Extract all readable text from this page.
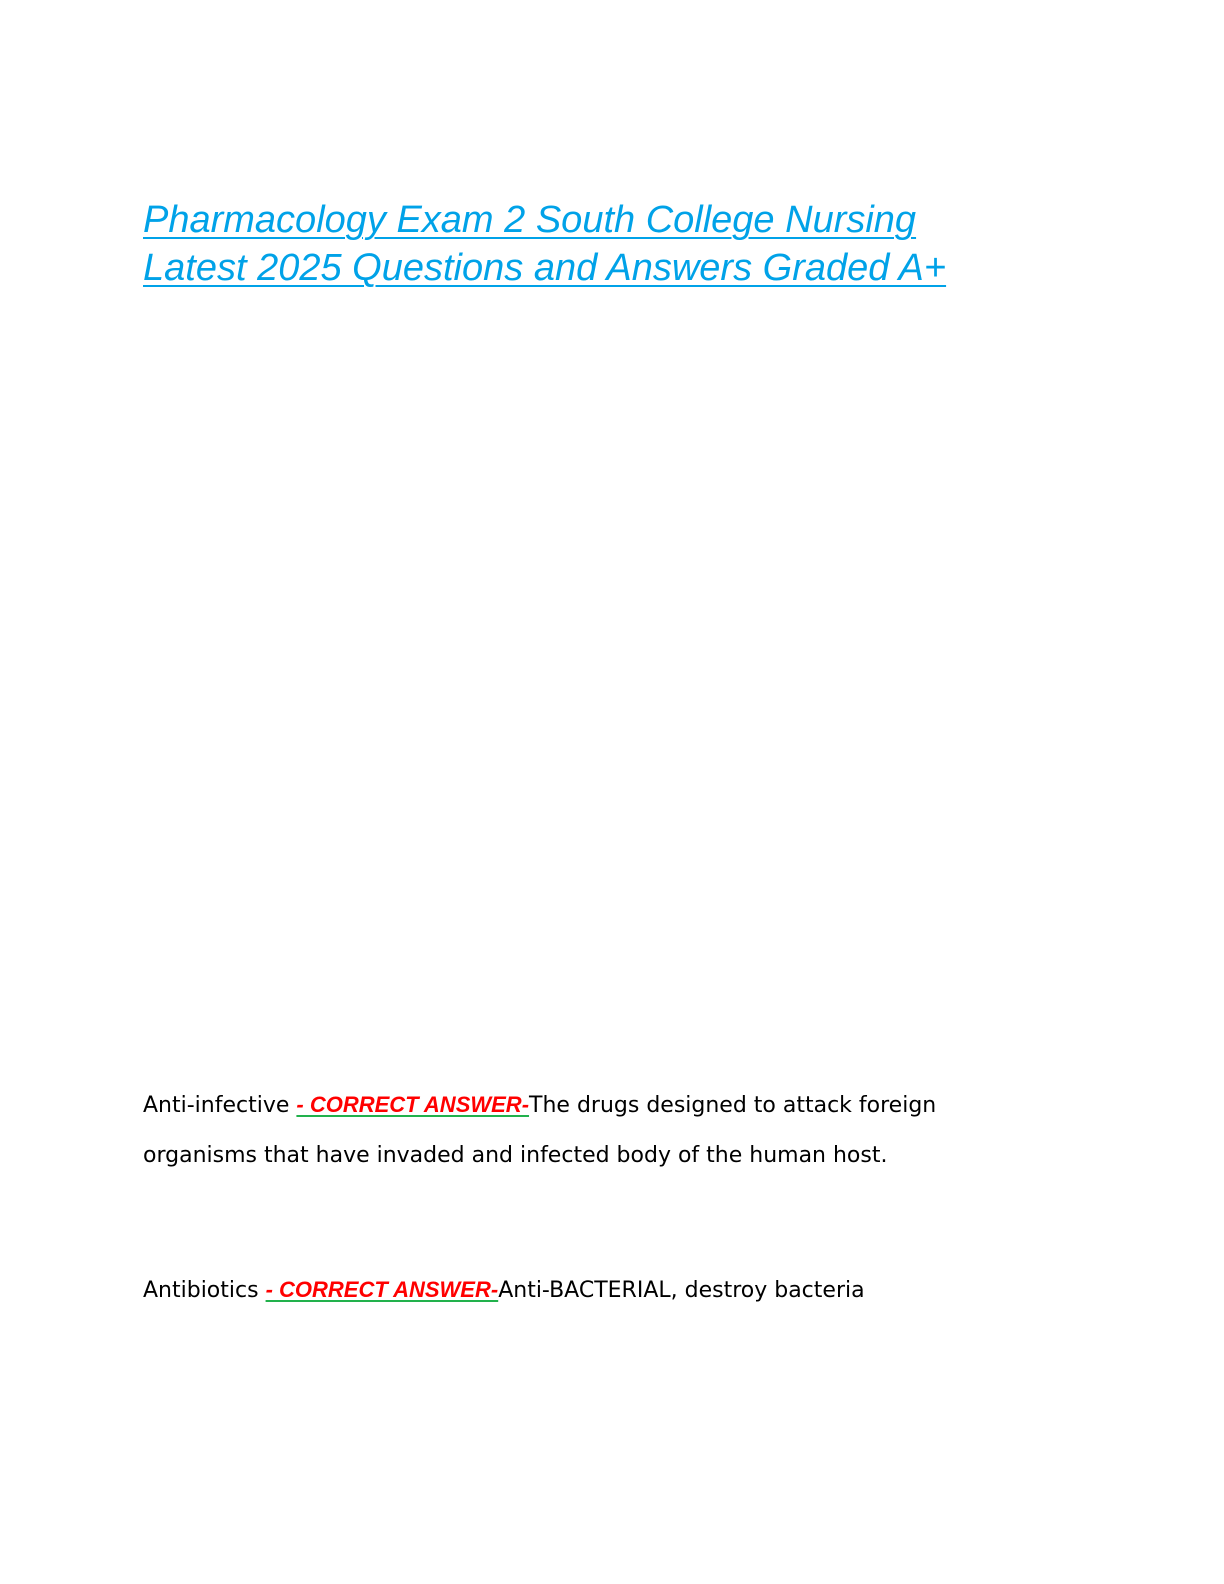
Pharmacology Exam 2 South College Nursing
Latest 2025 Questions and Answers Graded A+
Anti-infective - CORRECT ANSWER-The drugs designed to attack foreign
organisms that have invaded and infected body of the human host.
Antibiotics - CORRECT ANSWER-Anti-BACTERIAL, destroy bacteria
